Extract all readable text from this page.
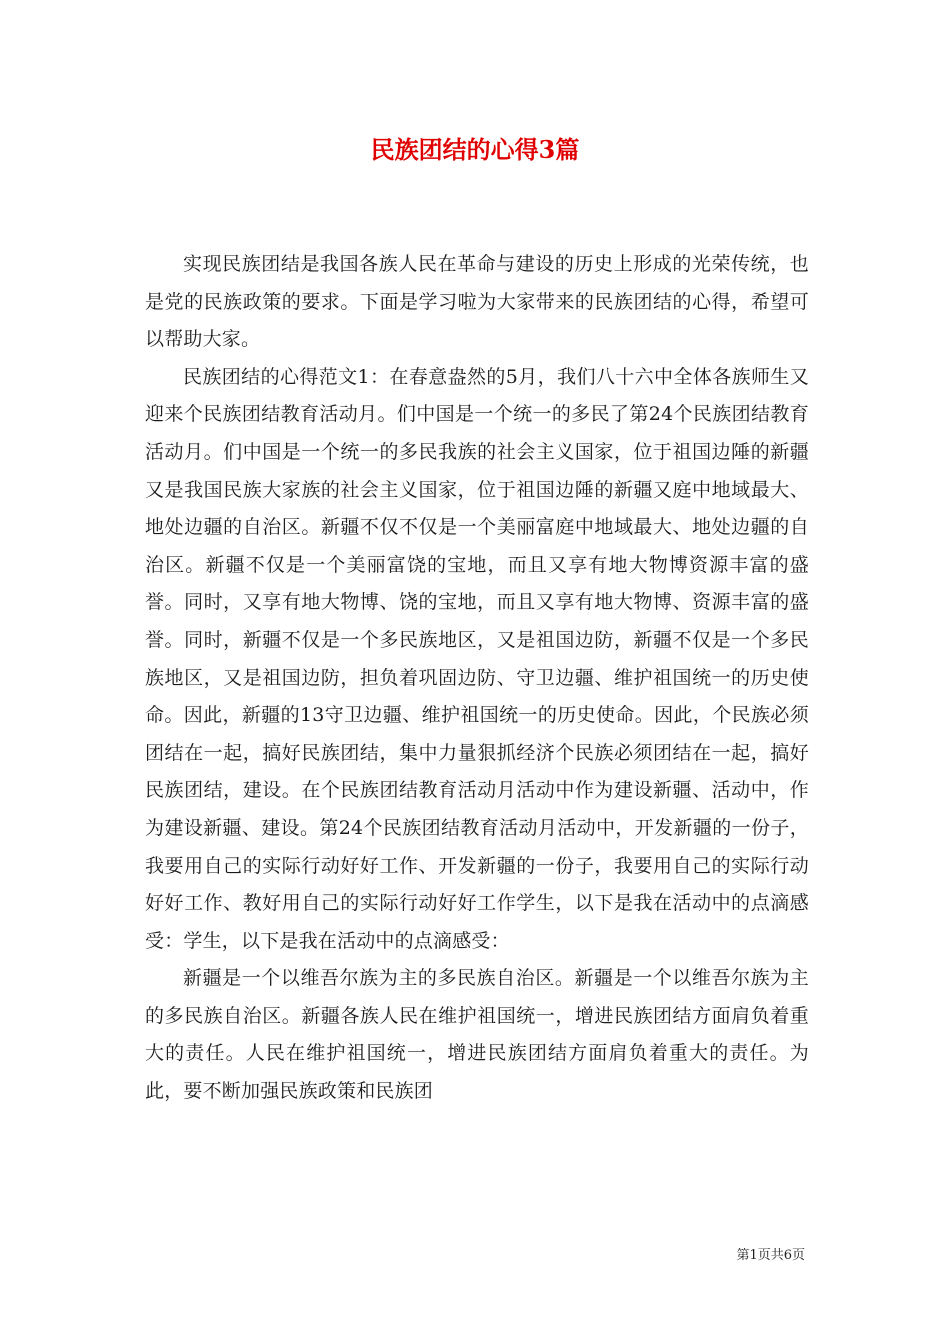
民族团结的心得3篇

实现民族团结是我国各族人民在革命与建设的历史上形成的光荣传统，也是党的民族政策的要求。下面是学习啦为大家带来的民族团结的心得，希望可以帮助大家。

民族团结的心得范文1：在春意盎然的5月，我们八十六中全体各族师生又迎来个民族团结教育活动月。们中国是一个统一的多民了第24个民族团结教育活动月。们中国是一个统一的多民我族的社会主义国家，位于祖国边陲的新疆又是我国民族大家族的社会主义国家，位于祖国边陲的新疆又庭中地域最大、地处边疆的自治区。新疆不仅不仅是一个美丽富庭中地域最大、地处边疆的自治区。新疆不仅是一个美丽富饶的宝地，而且又享有地大物博资源丰富的盛誉。同时，又享有地大物博、饶的宝地，而且又享有地大物博、资源丰富的盛誉。同时，新疆不仅是一个多民族地区，又是祖国边防，新疆不仅是一个多民族地区，又是祖国边防，担负着巩固边防、守卫边疆、维护祖国统一的历史使命。因此，新疆的13守卫边疆、维护祖国统一的历史使命。因此，个民族必须团结在一起，搞好民族团结，集中力量狠抓经济个民族必须团结在一起，搞好民族团结，建设。在个民族团结教育活动月活动中作为建设新疆、活动中，作为建设新疆、建设。第24个民族团结教育活动月活动中，开发新疆的一份子，我要用自己的实际行动好好工作、开发新疆的一份子，我要用自己的实际行动好好工作、教好用自己的实际行动好好工作学生，以下是我在活动中的点滴感受：学生，以下是我在活动中的点滴感受：

新疆是一个以维吾尔族为主的多民族自治区。新疆是一个以维吾尔族为主的多民族自治区。新疆各族人民在维护祖国统一，增进民族团结方面肩负着重大的责任。人民在维护祖国统一，增进民族团结方面肩负着重大的责任。为此，要不断加强民族政策和民族团

第1页共6页
